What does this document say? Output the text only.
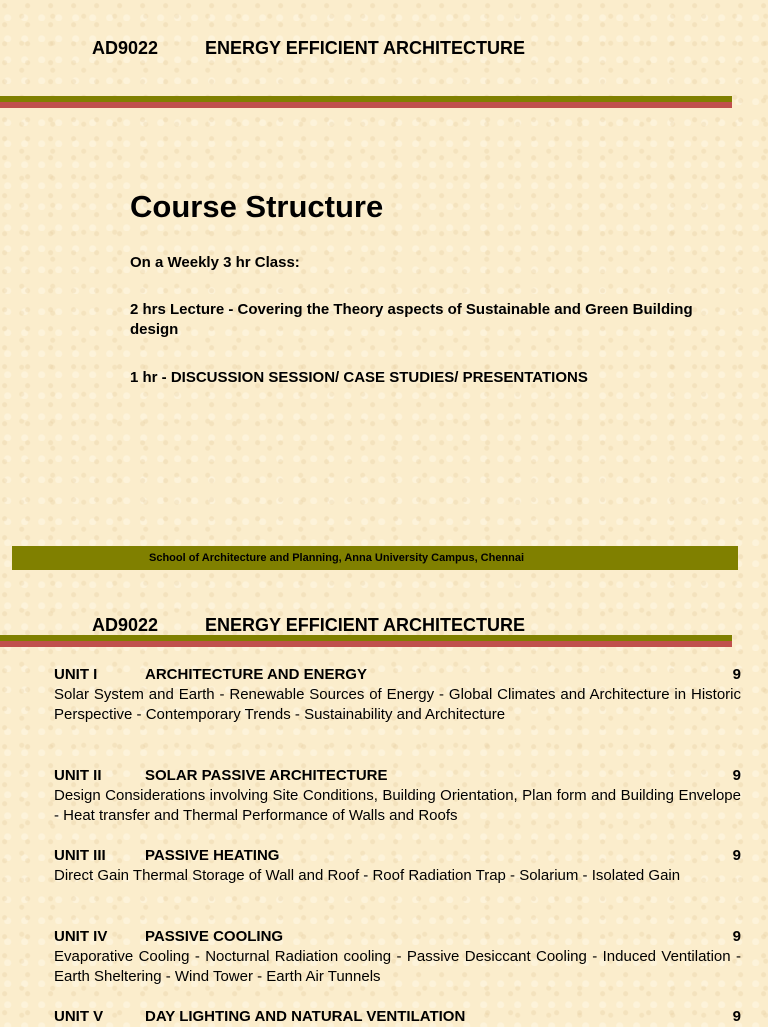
AD9022	ENERGY EFFICIENT ARCHITECTURE
Course Structure
On a Weekly 3 hr Class:
2 hrs Lecture - Covering the Theory aspects of Sustainable and Green Building design
1 hr - DISCUSSION SESSION/ CASE STUDIES/ PRESENTATIONS
School of Architecture and Planning, Anna University Campus, Chennai
AD9022	ENERGY EFFICIENT ARCHITECTURE
UNIT I	ARCHITECTURE AND ENERGY	9
Solar System and Earth - Renewable Sources of Energy - Global Climates and Architecture in Historic Perspective - Contemporary Trends - Sustainability and Architecture
UNIT II	SOLAR PASSIVE ARCHITECTURE	9
Design Considerations involving Site Conditions, Building Orientation, Plan form and Building Envelope - Heat transfer and Thermal Performance of Walls and Roofs
UNIT III	PASSIVE HEATING	9
Direct Gain Thermal Storage of Wall and Roof - Roof Radiation Trap - Solarium - Isolated Gain
UNIT IV	PASSIVE COOLING	9
Evaporative Cooling - Nocturnal Radiation cooling - Passive Desiccant Cooling - Induced Ventilation - Earth Sheltering - Wind Tower - Earth Air Tunnels
UNIT V	DAY LIGHTING AND NATURAL VENTILATION	9
